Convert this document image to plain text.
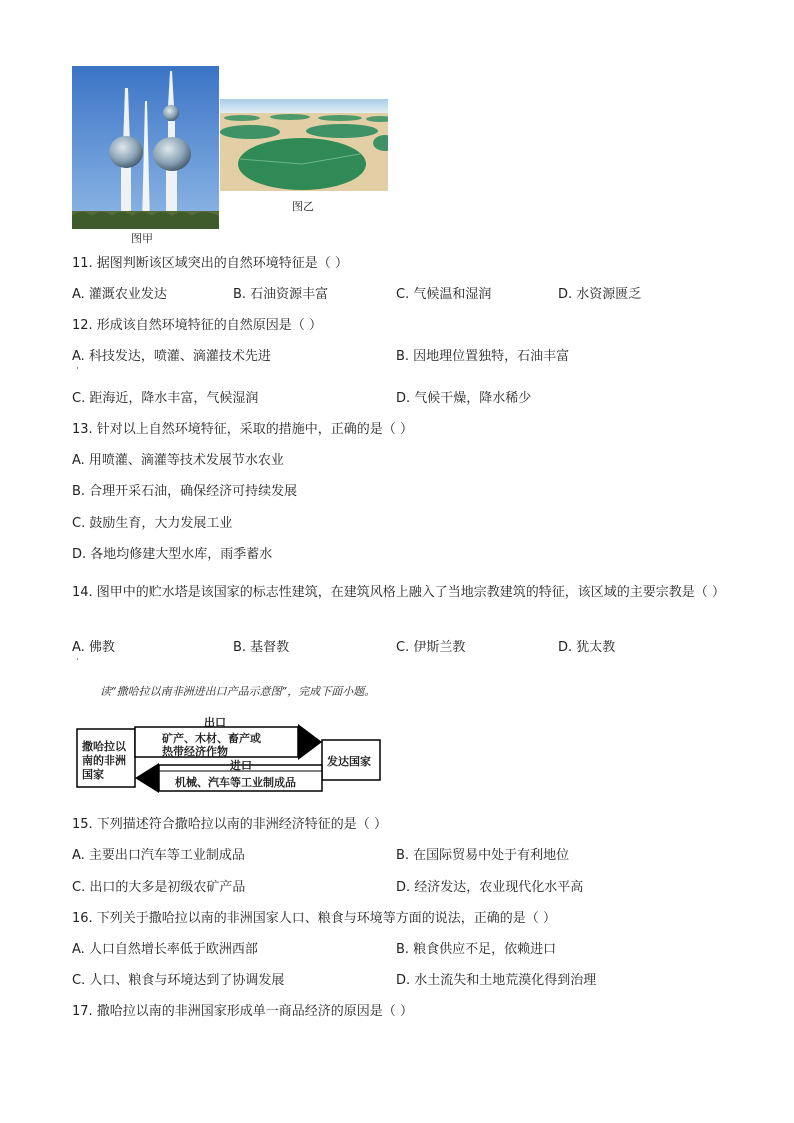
图甲
图乙
11. 据图判断该区域突出的自然环境特征是（ ）
A. 灌溉农业发达	B. 石油资源丰富	C. 气候温和湿润	D. 水资源匮乏
12. 形成该自然环境特征的自然原因是（ ）
A. 科技发达，喷灌、滴灌技术先进
·
B. 因地理位置独特，石油丰富
C. 距海近，降水丰富，气候湿润	D. 气候干燥，降水稀少
13. 针对以上自然环境特征，采取的措施中，正确的是（ ）
A. 用喷灌、滴灌等技术发展节水农业
B. 合理开采石油，确保经济可持续发展
C. 鼓励生育，大力发展工业
D. 各地均修建大型水库，雨季蓄水
14. 图甲中的贮水塔是该国家的标志性建筑，在建筑风格上融入了当地宗教建筑的特征，该区域的主要宗教是（ ）
A. 佛教
·
B. 基督教	C. 伊斯兰教	D. 犹太教
读“撒哈拉以南非洲进出口产品示意图”，完成下面小题。
出口
矿产、木材、畜产或
热带经济作物
进口
机械、汽车等工业制成品
撒哈拉以
南的非洲
国家
发达国家
15. 下列描述符合撒哈拉以南的非洲经济特征的是（ ）
A. 主要出口汽车等工业制成品	B. 在国际贸易中处于有利地位
C. 出口的大多是初级农矿产品	D. 经济发达，农业现代化水平高
16. 下列关于撒哈拉以南的非洲国家人口、粮食与环境等方面的说法，正确的是（ ）
A. 人口自然增长率低于欧洲西部	B. 粮食供应不足，依赖进口
C. 人口、粮食与环境达到了协调发展	D. 水土流失和土地荒漠化得到治理
17. 撒哈拉以南的非洲国家形成单一商品经济的原因是（ ）
